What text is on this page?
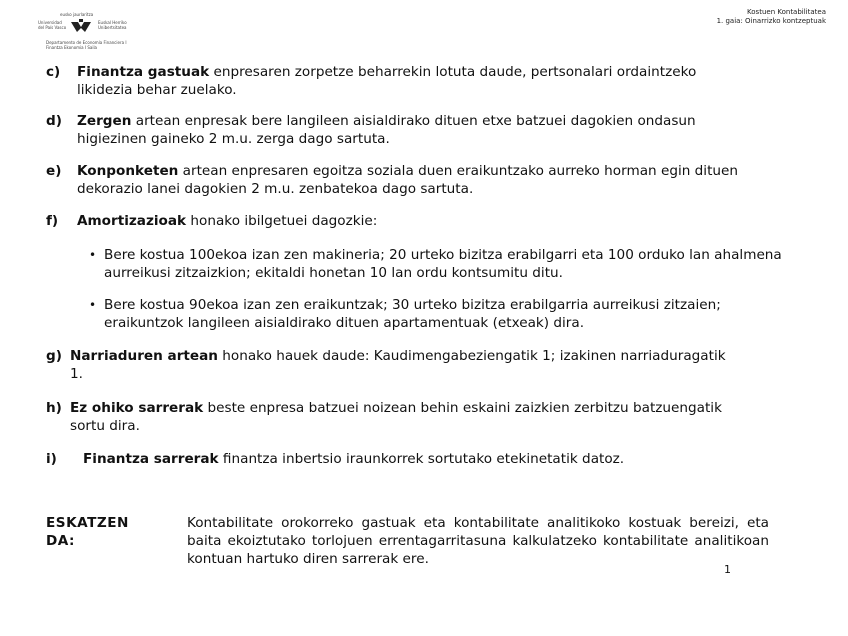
eusko jaurlaritza
Universidad del País Vasco
Euskal Herriko Unibertsitatea
Departamento de Economía Financiera I Finantza Ekonomia I Saila
Kostuen Kontabilitatea
1. gaia: Oinarrizko kontzeptuak
c) Finantza gastuak enpresaren zorpetze beharrekin lotuta daude, pertsonalari ordaintzeko likidezia behar zuelako.
d) Zergen artean enpresak bere langileen aisialdirako dituen etxe batzuei dagokien ondasun higiezinen gaineko 2 m.u. zerga dago sartuta.
e) Konponketen artean enpresaren egoitza soziala duen eraikuntzako aurreko horman egin dituen dekorazio lanei dagokien 2 m.u. zenbatekoa dago sartuta.
f) Amortizazioak honako ibilgetuei dagozkie:
• Bere kostua 100ekoa izan zen makineria; 20 urteko bizitza erabilgarri eta 100 orduko lan ahalmena aurreikusi zitzaizkion; ekitaldi honetan 10 lan ordu kontsumitu ditu.
• Bere kostua 90ekoa izan zen eraikuntzak; 30 urteko bizitza erabilgarria aurreikusi zitzaien; eraikuntzok langileen aisialdirako dituen apartamentuak (etxeak) dira.
g) Narriaduren artean honako hauek daude: Kaudimengabeziengatik 1; izakinen narriaduragatik 1.
h) Ez ohiko sarrerak beste enpresa batzuei noizean behin eskaini zaizkien zerbitzu batzuengatik sortu dira.
i) Finantza sarrerak finantza inbertsio iraunkorrek sortutako etekinetatik datoz.
ESKATZEN DA:
Kontabilitate orokorreko gastuak eta kontabilitate analitikoko kostuak bereizi, eta baita ekoiztutako torlojuen errentagarritasuna kalkulatzeko kontabilitate analitikoan kontuan hartuko diren sarrerak ere.
1
